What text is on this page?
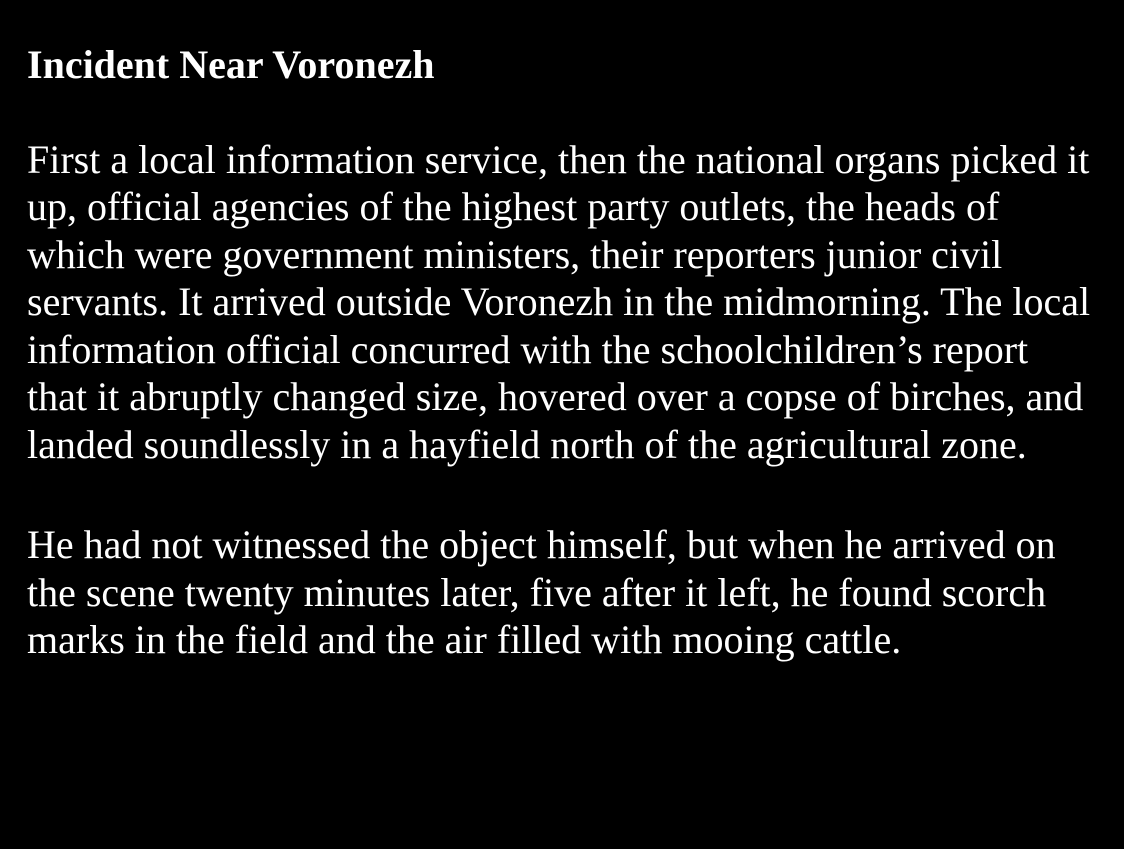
Incident Near Voronezh

First a local information service, then the national organs picked it up, official agencies of the highest party outlets, the heads of which were government ministers, their reporters junior civil servants. It arrived outside Voronezh in the midmorning. The local information official concurred with the schoolchildren’s report that it abruptly changed size, hovered over a copse of birches, and landed soundlessly in a hayfield north of the agricultural zone.

He had not witnessed the object himself, but when he arrived on the scene twenty minutes later, five after it left, he found scorch marks in the field and the air filled with mooing cattle.
